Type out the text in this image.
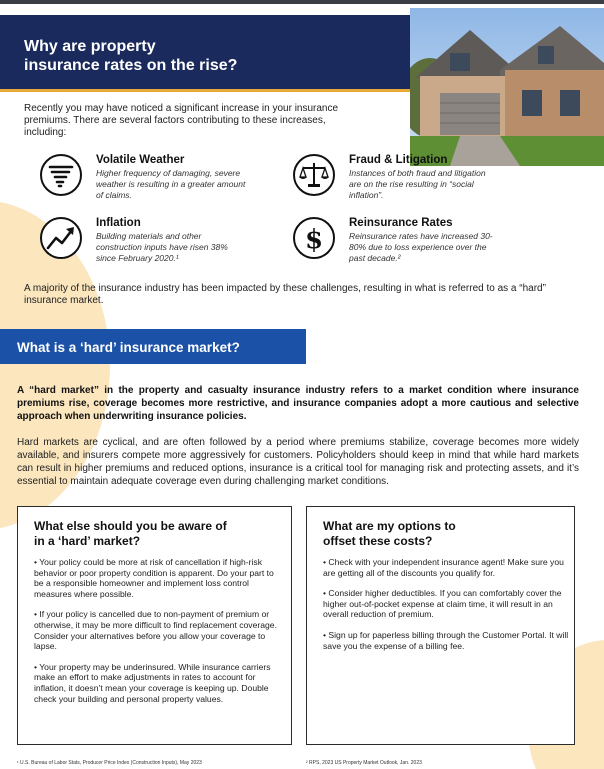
Why are property
insurance rates on the rise?

Recently you may have noticed a significant increase in your insurance premiums. There are several factors contributing to these increases, including:

Volatile Weather
Higher frequency of damaging, severe weather is resulting in a greater amount of claims.
Fraud & Litigation
Instances of both fraud and litigation are on the rise resulting in “social inflation”.
Inflation
Building materials and other construction inputs have risen 38% since February 2020.¹
$
Reinsurance Rates
Reinsurance rates have increased 30-80% due to loss experience over the past decade.²

A majority of the insurance industry has been impacted by these challenges, resulting in what is referred to as a “hard” insurance market.

What is a ‘hard’ insurance market?

A “hard market” in the property and casualty insurance industry refers to a market condition where insurance premiums rise, coverage becomes more restrictive, and insurance companies adopt a more cautious and selective approach when underwriting insurance policies.

Hard markets are cyclical, and are often followed by a period where premiums stabilize, coverage becomes more widely available, and insurers compete more aggressively for customers. Policyholders should keep in mind that while hard markets can result in higher premiums and reduced options, insurance is a critical tool for managing risk and protecting assets, and it’s essential to maintain adequate coverage even during challenging market conditions.

What else should you be aware of
in a ‘hard’ market?
• Your policy could be more at risk of cancellation if high-risk behavior or poor property condition is apparent. Do your part to be a responsible homeowner and implement loss control measures where possible.
• If your policy is cancelled due to non-payment of premium or otherwise, it may be more difficult to find replacement coverage. Consider your alternatives before you allow your coverage to lapse.
• Your property may be underinsured. While insurance carriers make an effort to make adjustments in rates to account for inflation, it doesn’t mean your coverage is keeping up. Double check your building and personal property values.
What are my options to
offset these costs?
• Check with your independent insurance agent! Make sure you are getting all of the discounts you qualify for.
• Consider higher deductibles. If you can comfortably cover the higher out-of-pocket expense at claim time, it will result in an overall reduction of premium.
• Sign up for paperless billing through the Customer Portal. It will save you the expense of a billing fee.
¹ U.S. Bureau of Labor Stats, Producer Price Index (Construction Inputs), May 2023	² RPS, 2023 US Property Market Outlook, Jan. 2023
